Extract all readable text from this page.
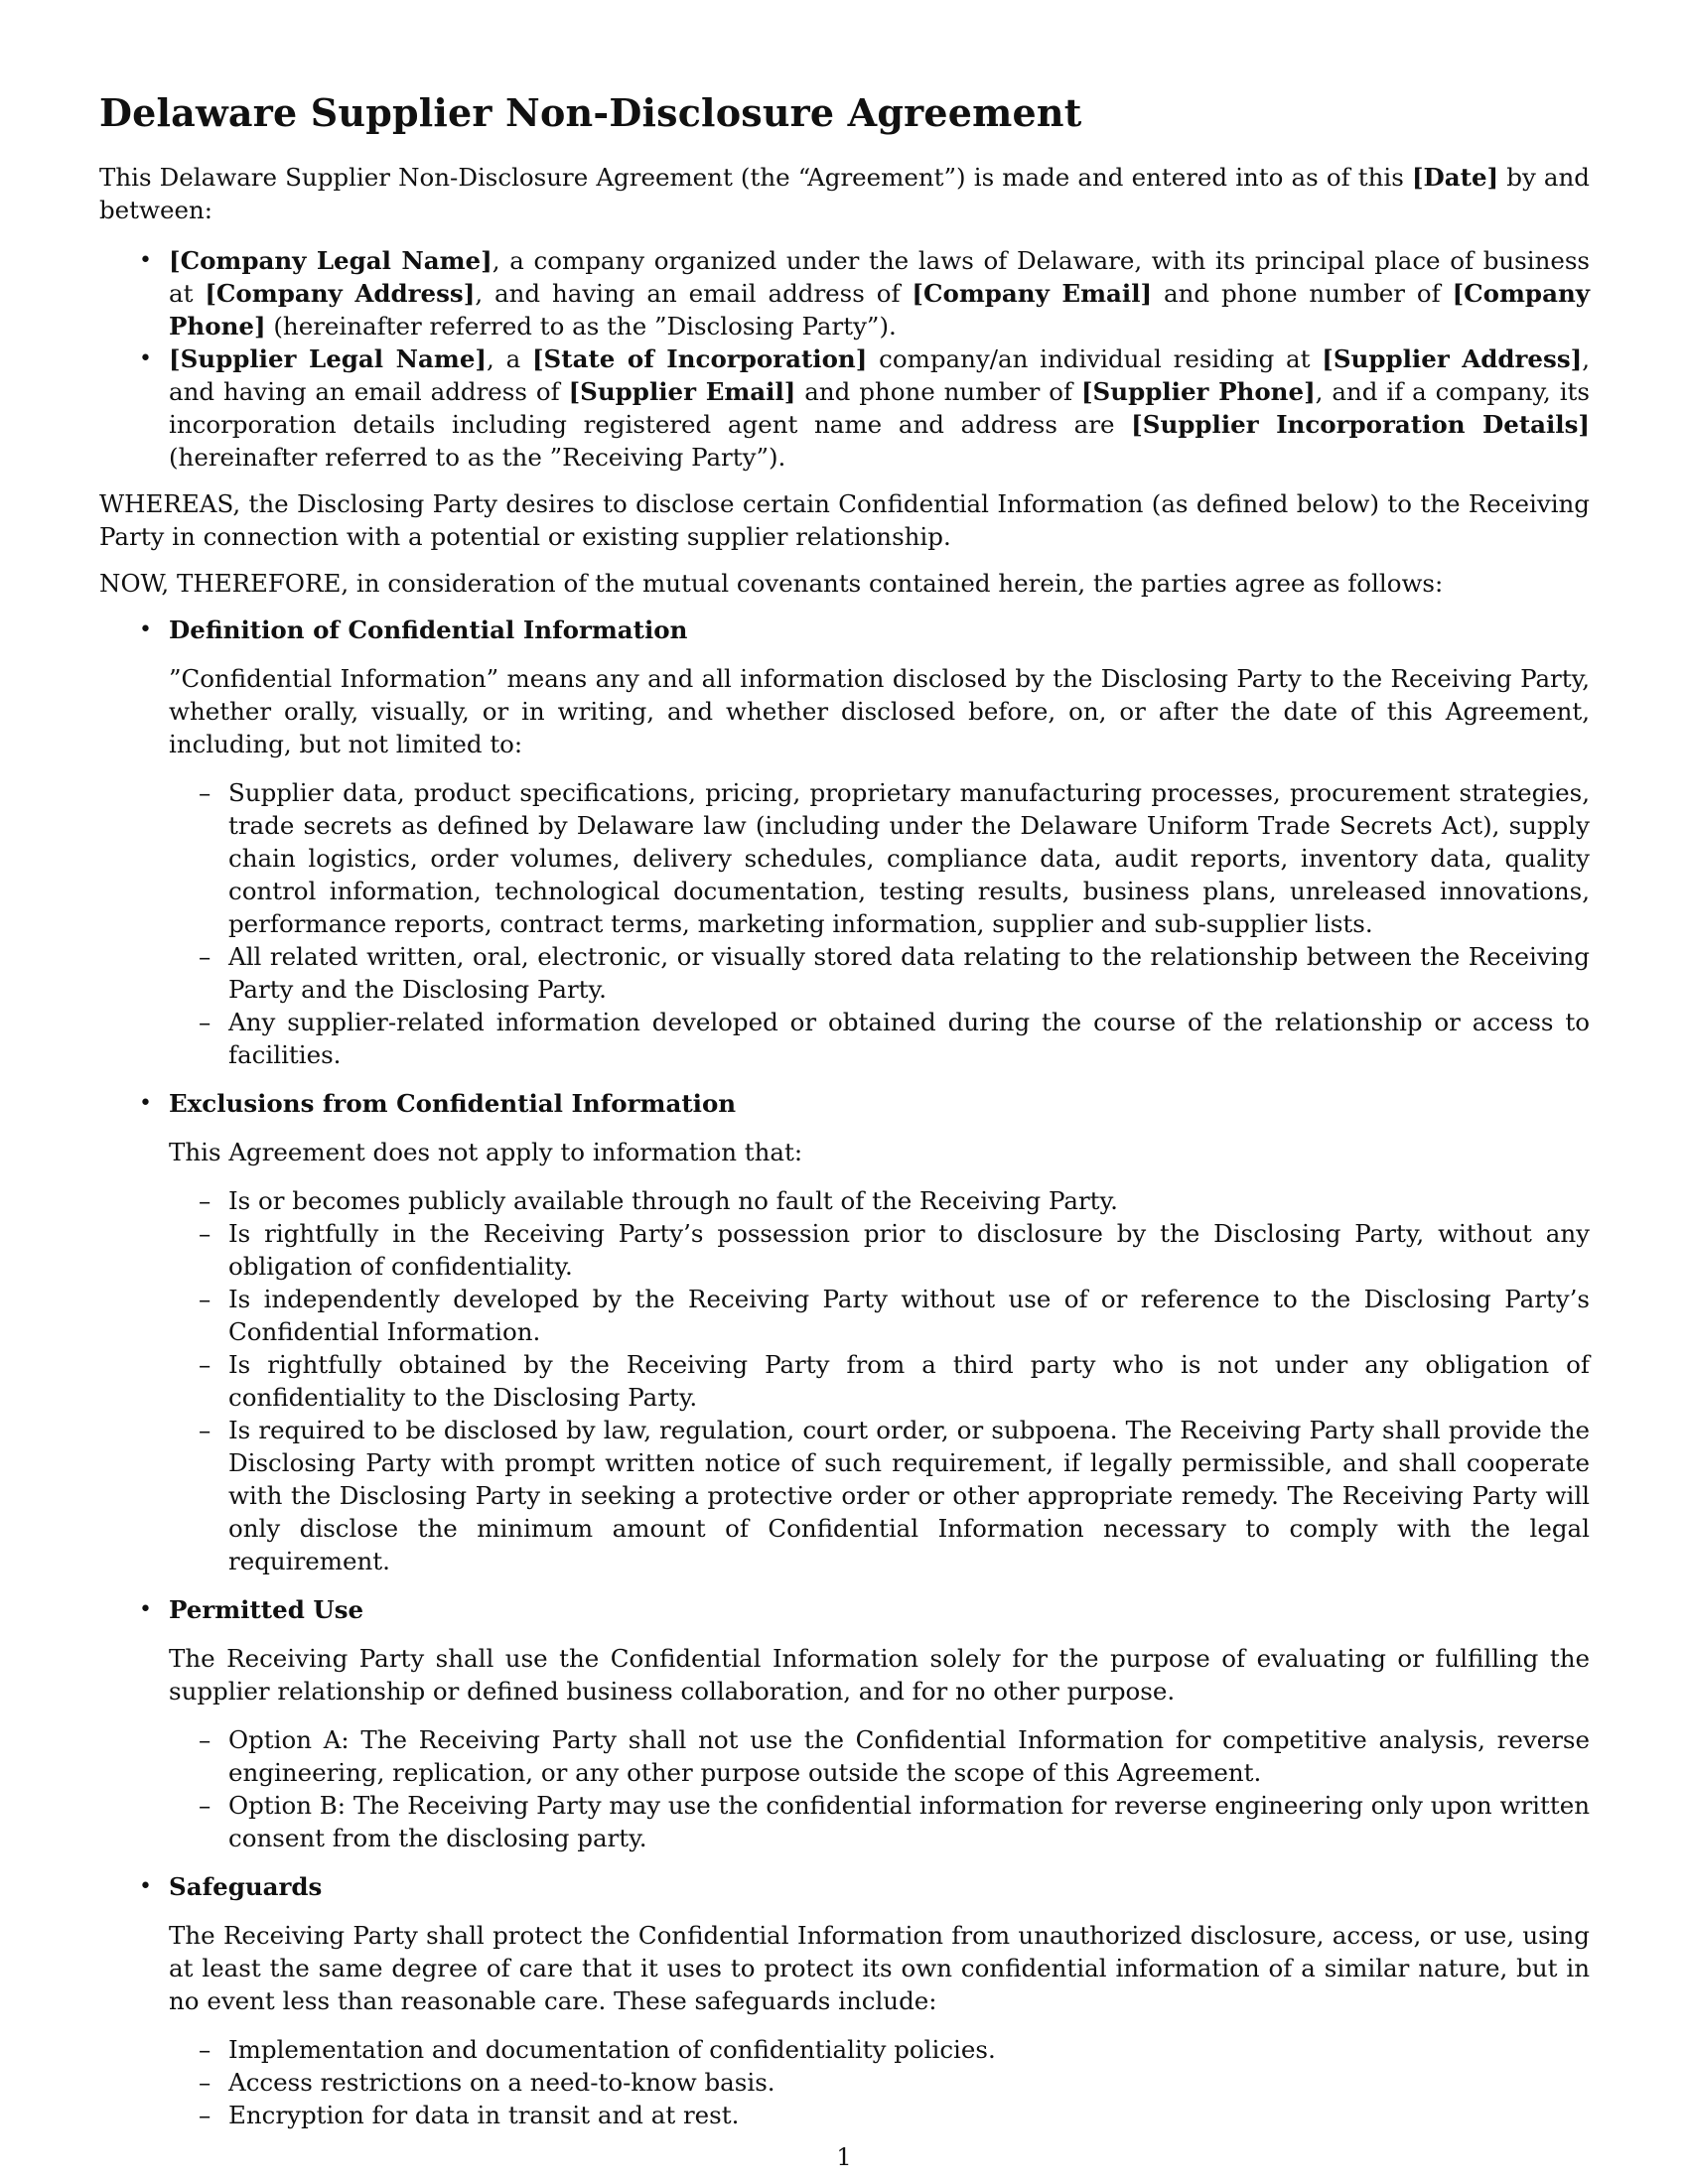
Delaware Supplier Non-Disclosure Agreement

This Delaware Supplier Non-Disclosure Agreement (the “Agreement”) is made and entered into as of this [Date] by and between:

• [Company Legal Name], a company organized under the laws of Delaware, with its principal place of business at [Company Address], and having an email address of [Company Email] and phone number of [Company Phone] (hereinafter referred to as the ”Disclosing Party”).
• [Supplier Legal Name], a [State of Incorporation] company/an individual residing at [Supplier Address], and having an email address of [Supplier Email] and phone number of [Supplier Phone], and if a company, its incorporation details including registered agent name and address are [Supplier Incorporation Details] (hereinafter referred to as the ”Receiving Party”).

WHEREAS, the Disclosing Party desires to disclose certain Confidential Information (as defined below) to the Receiving Party in connection with a potential or existing supplier relationship.

NOW, THEREFORE, in consideration of the mutual covenants contained herein, the parties agree as follows:

• Definition of Confidential Information

”Confidential Information” means any and all information disclosed by the Disclosing Party to the Receiving Party, whether orally, visually, or in writing, and whether disclosed before, on, or after the date of this Agreement, including, but not limited to:

– Supplier data, product specifications, pricing, proprietary manufacturing processes, procurement strategies, trade secrets as defined by Delaware law (including under the Delaware Uniform Trade Secrets Act), supply chain logistics, order volumes, delivery schedules, compliance data, audit reports, inventory data, quality control information, technological documentation, testing results, business plans, unreleased innovations, performance reports, contract terms, marketing information, supplier and sub-supplier lists.
– All related written, oral, electronic, or visually stored data relating to the relationship between the Receiving Party and the Disclosing Party.
– Any supplier-related information developed or obtained during the course of the relationship or access to facilities.
• Exclusions from Confidential Information

This Agreement does not apply to information that:

– Is or becomes publicly available through no fault of the Receiving Party.
– Is rightfully in the Receiving Party’s possession prior to disclosure by the Disclosing Party, without any obligation of confidentiality.
– Is independently developed by the Receiving Party without use of or reference to the Disclosing Party’s Confidential Information.
– Is rightfully obtained by the Receiving Party from a third party who is not under any obligation of confidentiality to the Disclosing Party.
– Is required to be disclosed by law, regulation, court order, or subpoena. The Receiving Party shall provide the Disclosing Party with prompt written notice of such requirement, if legally permissible, and shall cooperate with the Disclosing Party in seeking a protective order or other appropriate remedy. The Receiving Party will only disclose the minimum amount of Confidential Information necessary to comply with the legal requirement.
• Permitted Use

The Receiving Party shall use the Confidential Information solely for the purpose of evaluating or fulfilling the supplier relationship or defined business collaboration, and for no other purpose.

– Option A: The Receiving Party shall not use the Confidential Information for competitive analysis, reverse engineering, replication, or any other purpose outside the scope of this Agreement.
– Option B: The Receiving Party may use the confidential information for reverse engineering only upon written consent from the disclosing party.
• Safeguards

The Receiving Party shall protect the Confidential Information from unauthorized disclosure, access, or use, using at least the same degree of care that it uses to protect its own confidential information of a similar nature, but in no event less than reasonable care. These safeguards include:

– Implementation and documentation of confidentiality policies.
– Access restrictions on a need-to-know basis.
– Encryption for data in transit and at rest.
1
